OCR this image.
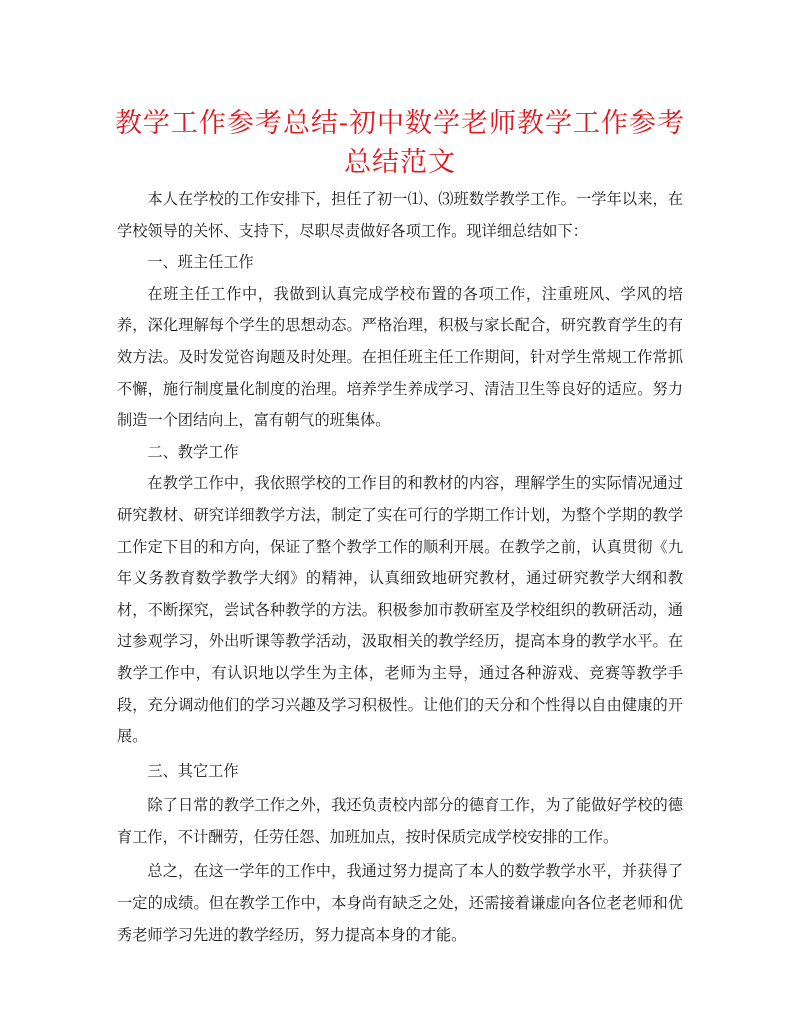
教学工作参考总结-初中数学老师教学工作参考总结范文

本人在学校的工作安排下，担任了初一⑴、⑶班数学教学工作。一学年以来，在学校领导的关怀、支持下，尽职尽责做好各项工作。现详细总结如下：

一、班主任工作

在班主任工作中，我做到认真完成学校布置的各项工作，注重班风、学风的培养，深化理解每个学生的思想动态。严格治理，积极与家长配合，研究教育学生的有效方法。及时发觉咨询题及时处理。在担任班主任工作期间，针对学生常规工作常抓不懈，施行制度量化制度的治理。培养学生养成学习、清洁卫生等良好的适应。努力制造一个团结向上，富有朝气的班集体。

二、教学工作

在教学工作中，我依照学校的工作目的和教材的内容，理解学生的实际情况通过研究教材、研究详细教学方法，制定了实在可行的学期工作计划，为整个学期的教学工作定下目的和方向，保证了整个教学工作的顺利开展。在教学之前，认真贯彻《九年义务教育数学教学大纲》的精神，认真细致地研究教材，通过研究教学大纲和教材，不断探究，尝试各种教学的方法。积极参加市教研室及学校组织的教研活动，通过参观学习，外出听课等教学活动，汲取相关的教学经历，提高本身的教学水平。在教学工作中，有认识地以学生为主体，老师为主导，通过各种游戏、竞赛等教学手段，充分调动他们的学习兴趣及学习积极性。让他们的天分和个性得以自由健康的开展。

三、其它工作

除了日常的教学工作之外，我还负责校内部分的德育工作，为了能做好学校的德育工作，不计酬劳，任劳任怨、加班加点，按时保质完成学校安排的工作。

总之，在这一学年的工作中，我通过努力提高了本人的数学教学水平，并获得了一定的成绩。但在教学工作中，本身尚有缺乏之处，还需接着谦虚向各位老老师和优秀老师学习先进的教学经历，努力提高本身的才能。
